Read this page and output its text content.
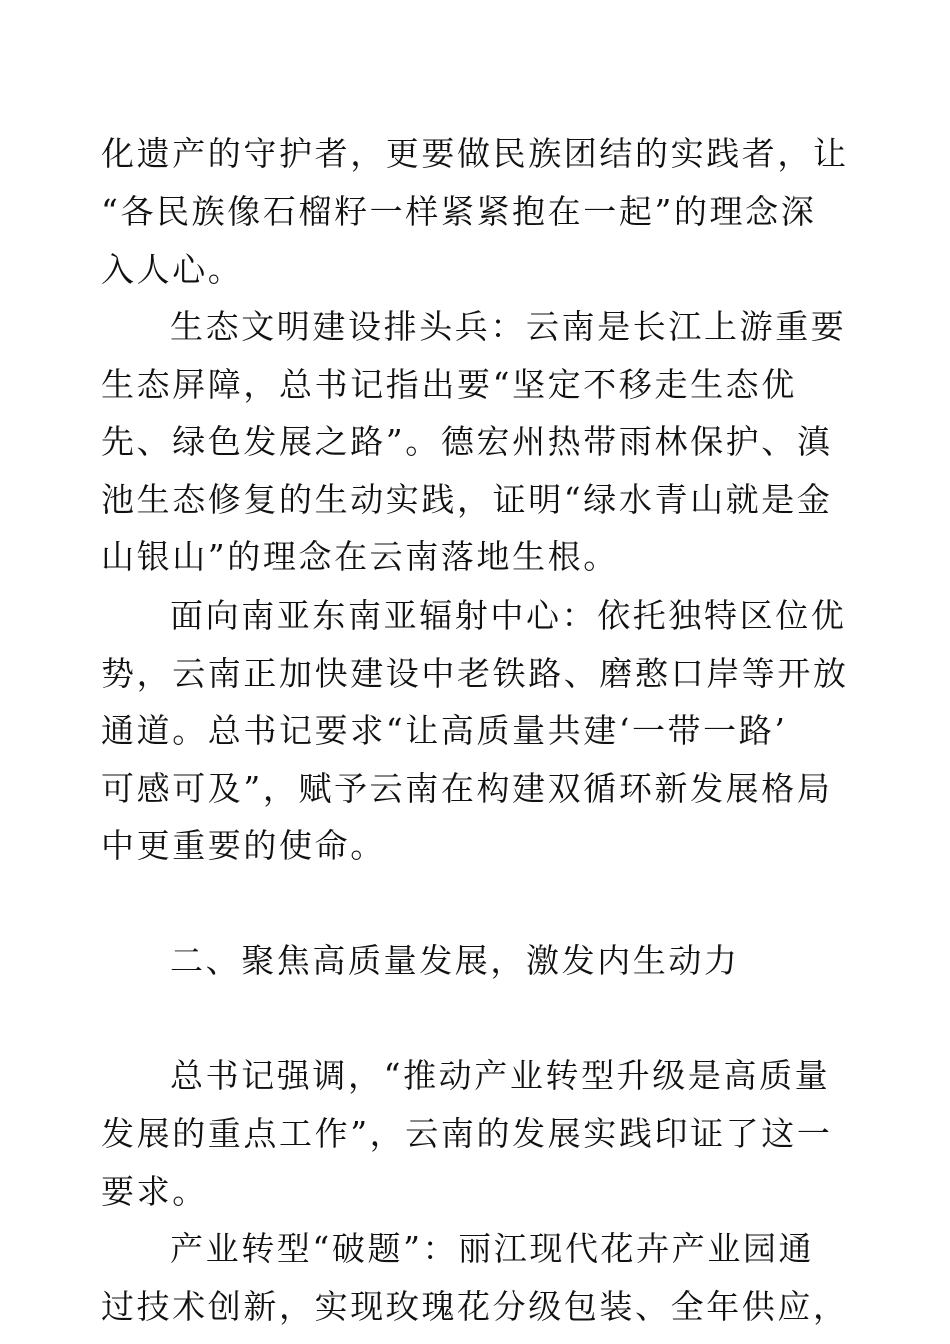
化遗产的守护者，更要做民族团结的实践者，让
“各民族像石榴籽一样紧紧抱在一起”的理念深
入人心。
生态文明建设排头兵：云南是长江上游重要
生态屏障，总书记指出要“坚定不移走生态优
先、绿色发展之路”。德宏州热带雨林保护、滇
池生态修复的生动实践，证明“绿水青山就是金
山银山”的理念在云南落地生根。
面向南亚东南亚辐射中心：依托独特区位优
势，云南正加快建设中老铁路、磨憨口岸等开放
通道。总书记要求“让高质量共建‘一带一路’
可感可及”，赋予云南在构建双循环新发展格局
中更重要的使命。
二、聚焦高质量发展，激发内生动力
总书记强调，“推动产业转型升级是高质量
发展的重点工作”，云南的发展实践印证了这一
要求。
产业转型“破题”：丽江现代花卉产业园通
过技术创新，实现玫瑰花分级包装、全年供应，
